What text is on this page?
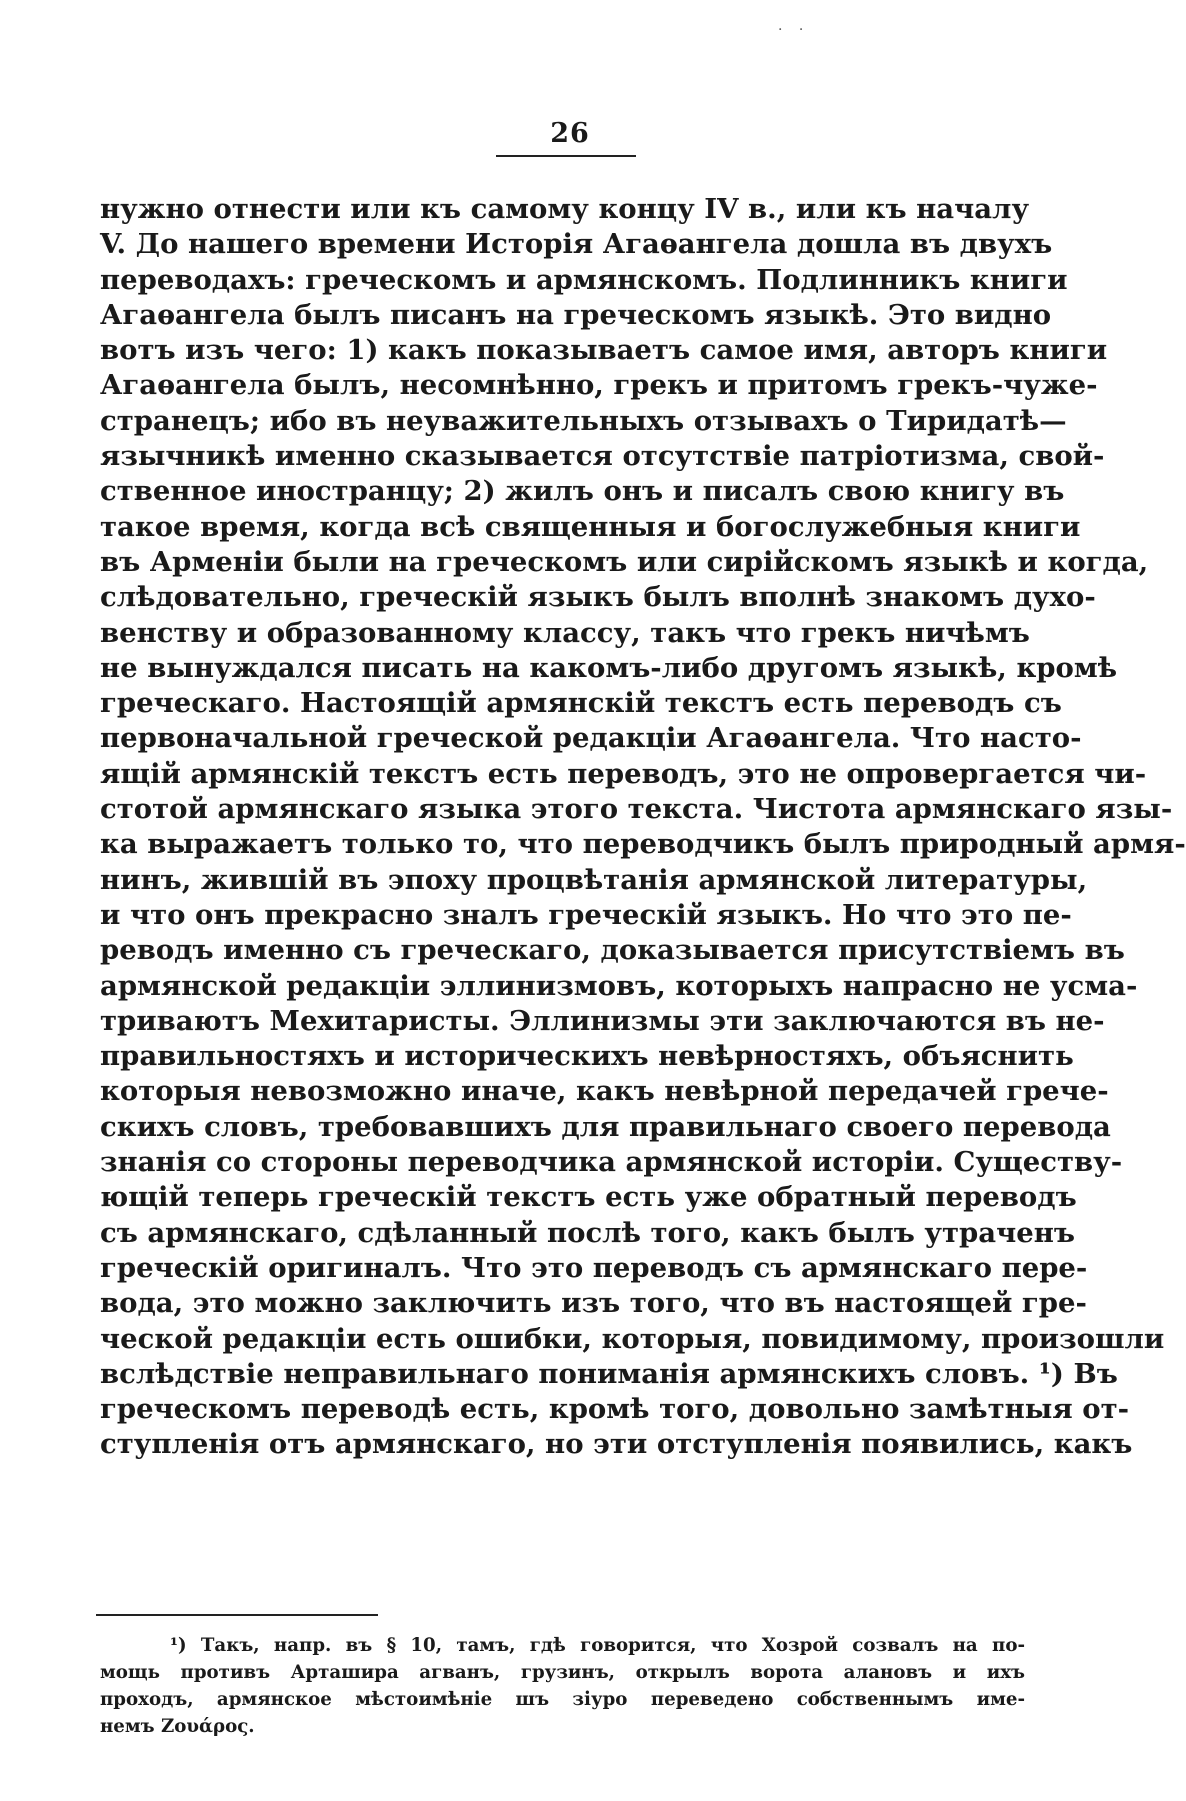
· ·
26
нужно отнести или къ самому концу IV в., или къ началу
V. До нашего времени Исторія Агаѳангела дошла въ двухъ
переводахъ: греческомъ и армянскомъ. Подлинникъ книги
Агаѳангела былъ писанъ на греческомъ языкѣ. Это видно
вотъ изъ чего: 1) какъ показываетъ самое имя, авторъ книги
Агаѳангела былъ, несомнѣнно, грекъ и притомъ грекъ-чуже-
странецъ; ибо въ неуважительныхъ отзывахъ о Тиридатѣ—
язычникѣ именно сказывается отсутствіе патріотизма, свой-
ственное иностранцу; 2) жилъ онъ и писалъ свою книгу въ
такое время, когда всѣ священныя и богослужебныя книги
въ Арменіи были на греческомъ или сирійскомъ языкѣ и когда,
слѣдовательно, греческій языкъ былъ вполнѣ знакомъ духо-
венству и образованному классу, такъ что грекъ ничѣмъ
не вынуждался писать на какомъ-либо другомъ языкѣ, кромѣ
греческаго. Настоящій армянскій текстъ есть переводъ съ
первоначальной греческой редакціи Агаѳангела. Что насто-
ящій армянскій текстъ есть переводъ, это не опровергается чи-
стотой армянскаго языка этого текста. Чистота армянскаго язы-
ка выражаетъ только то, что переводчикъ былъ природный армя-
нинъ, жившій въ эпоху процвѣтанія армянской литературы,
и что онъ прекрасно зналъ греческій языкъ. Но что это пе-
реводъ именно съ греческаго, доказывается присутствіемъ въ
армянской редакціи эллинизмовъ, которыхъ напрасно не усма-
триваютъ Мехитаристы. Эллинизмы эти заключаются въ не-
правильностяхъ и историческихъ невѣрностяхъ, объяснить
которыя невозможно иначе, какъ невѣрной передачей грече-
скихъ словъ, требовавшихъ для правильнаго своего перевода
знанія со стороны переводчика армянской исторіи. Существу-
ющій теперь греческій текстъ есть уже обратный переводъ
съ армянскаго, сдѣланный послѣ того, какъ былъ утраченъ
греческій оригиналъ. Что это переводъ съ армянскаго пере-
вода, это можно заключить изъ того, что въ настоящей гре-
ческой редакціи есть ошибки, которыя, повидимому, произошли
вслѣдствіе неправильнаго пониманія армянскихъ словъ. ¹) Въ
греческомъ переводѣ есть, кромѣ того, довольно замѣтныя от-
ступленія отъ армянскаго, но эти отступленія появились, какъ
¹) Такъ, напр. въ § 10, тамъ, гдѣ говорится, что Хозрой созвалъ на по-
мощь противъ Арташира агванъ, грузинъ, открылъ ворота алановъ и ихъ
проходъ, армянское мѣстоимѣніе шъ зіуро переведено собственнымъ име-
немъ Ζουάρος.
